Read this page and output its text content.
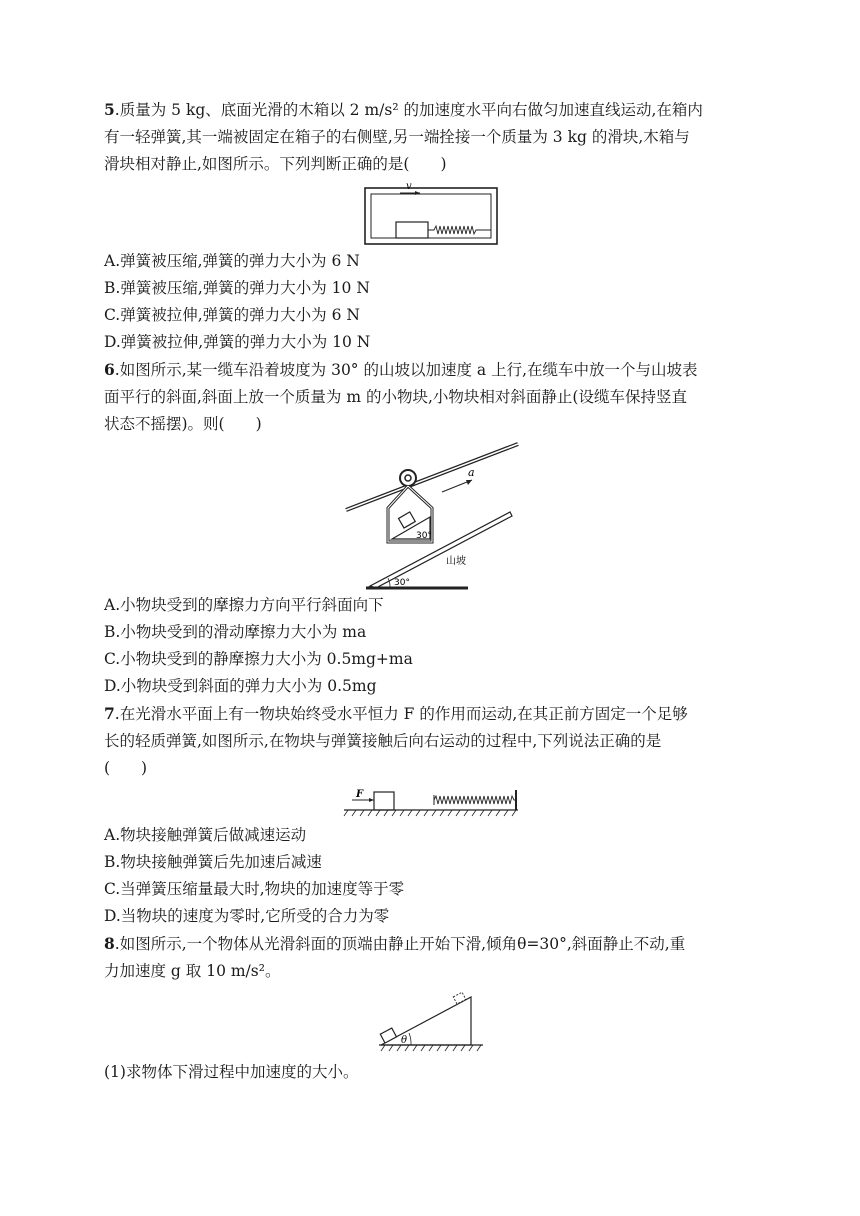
5.质量为 5 kg、底面光滑的木箱以 2 m/s² 的加速度水平向右做匀加速直线运动,在箱内
有一轻弹簧,其一端被固定在箱子的右侧壁,另一端拴接一个质量为 3 kg 的滑块,木箱与
滑块相对静止,如图所示。下列判断正确的是(　　)
v
A.弹簧被压缩,弹簧的弹力大小为 6 N
B.弹簧被压缩,弹簧的弹力大小为 10 N
C.弹簧被拉伸,弹簧的弹力大小为 6 N
D.弹簧被拉伸,弹簧的弹力大小为 10 N
6.如图所示,某一缆车沿着坡度为 30° 的山坡以加速度 a 上行,在缆车中放一个与山坡表
面平行的斜面,斜面上放一个质量为 m 的小物块,小物块相对斜面静止(设缆车保持竖直
状态不摇摆)。则(　　)
30°
a
30°
山坡
A.小物块受到的摩擦力方向平行斜面向下
B.小物块受到的滑动摩擦力大小为 ma
C.小物块受到的静摩擦力大小为 0.5mg+ma
D.小物块受到斜面的弹力大小为 0.5mg
7.在光滑水平面上有一物块始终受水平恒力 F 的作用而运动,在其正前方固定一个足够
长的轻质弹簧,如图所示,在物块与弹簧接触后向右运动的过程中,下列说法正确的是
(　　)
F
A.物块接触弹簧后做减速运动
B.物块接触弹簧后先加速后减速
C.当弹簧压缩量最大时,物块的加速度等于零
D.当物块的速度为零时,它所受的合力为零
8.如图所示,一个物体从光滑斜面的顶端由静止开始下滑,倾角θ=30°,斜面静止不动,重
力加速度 g 取 10 m/s²。
θ
(1)求物体下滑过程中加速度的大小。
